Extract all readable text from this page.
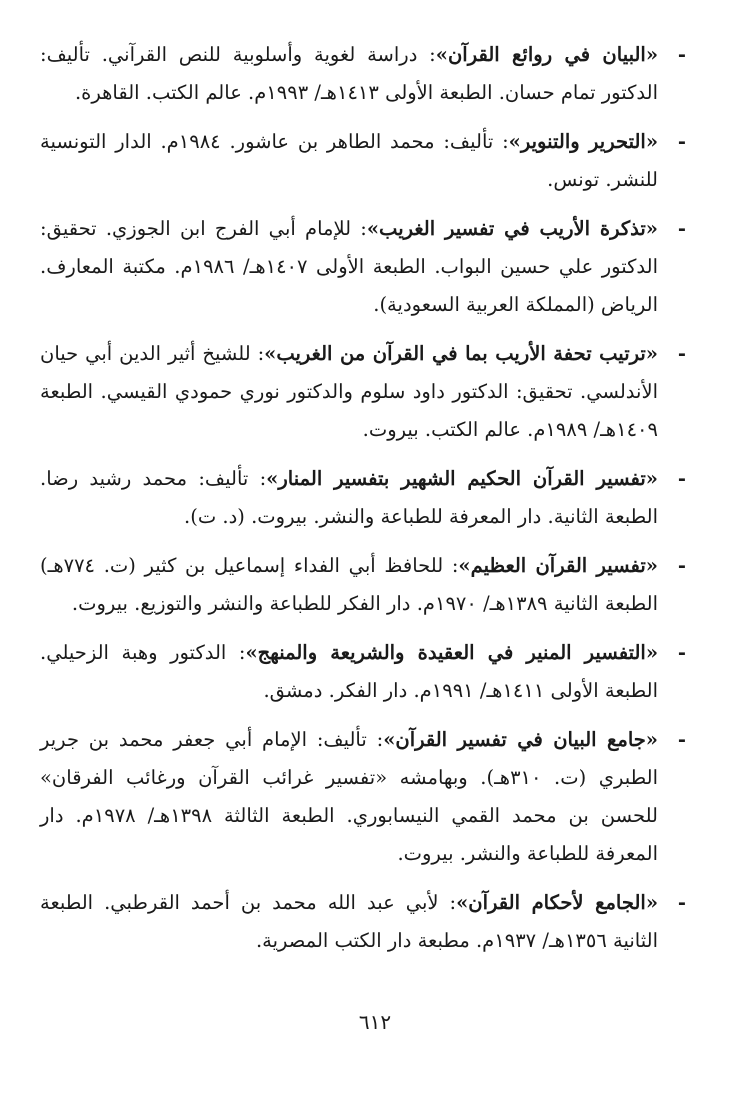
-
«البيان في روائع القرآن»: دراسة لغوية وأسلوبية للنص القرآني. تأليف: الدكتور تمام حسان. الطبعة الأولى ١٤١٣هـ/ ١٩٩٣م. عالم الكتب. القاهرة.
-
«التحرير والتنوير»: تأليف: محمد الطاهر بن عاشور. ١٩٨٤م. الدار التونسية للنشر. تونس.
-
«تذكرة الأريب في تفسير الغريب»: للإمام أبي الفرج ابن الجوزي. تحقيق: الدكتور علي حسين البواب. الطبعة الأولى ١٤٠٧هـ/ ١٩٨٦م. مكتبة المعارف. الرياض (المملكة العربية السعودية).
-
«ترتيب تحفة الأريب بما في القرآن من الغريب»: للشيخ أثير الدين أبي حيان الأندلسي. تحقيق: الدكتور داود سلوم والدكتور نوري حمودي القيسي. الطبعة ١٤٠٩هـ/ ١٩٨٩م. عالم الكتب. بيروت.
-
«تفسير القرآن الحكيم الشهير بتفسير المنار»: تأليف: محمد رشيد رضا. الطبعة الثانية. دار المعرفة للطباعة والنشر. بيروت. (د. ت).
-
«تفسير القرآن العظيم»: للحافظ أبي الفداء إسماعيل بن كثير (ت. ٧٧٤هـ) الطبعة الثانية ١٣٨٩هـ/ ١٩٧٠م. دار الفكر للطباعة والنشر والتوزيع. بيروت.
-
«التفسير المنير في العقيدة والشريعة والمنهج»: الدكتور وهبة الزحيلي. الطبعة الأولى ١٤١١هـ/ ١٩٩١م. دار الفكر. دمشق.
-
«جامع البيان في تفسير القرآن»: تأليف: الإمام أبي جعفر محمد بن جرير الطبري (ت. ٣١٠هـ). وبهامشه «تفسير غرائب القرآن ورغائب الفرقان» للحسن بن محمد القمي النيسابوري. الطبعة الثالثة ١٣٩٨هـ/ ١٩٧٨م. دار المعرفة للطباعة والنشر. بيروت.
-
«الجامع لأحكام القرآن»: لأبي عبد الله محمد بن أحمد القرطبي. الطبعة الثانية ١٣٥٦هـ/ ١٩٣٧م. مطبعة دار الكتب المصرية.
٦١٢
